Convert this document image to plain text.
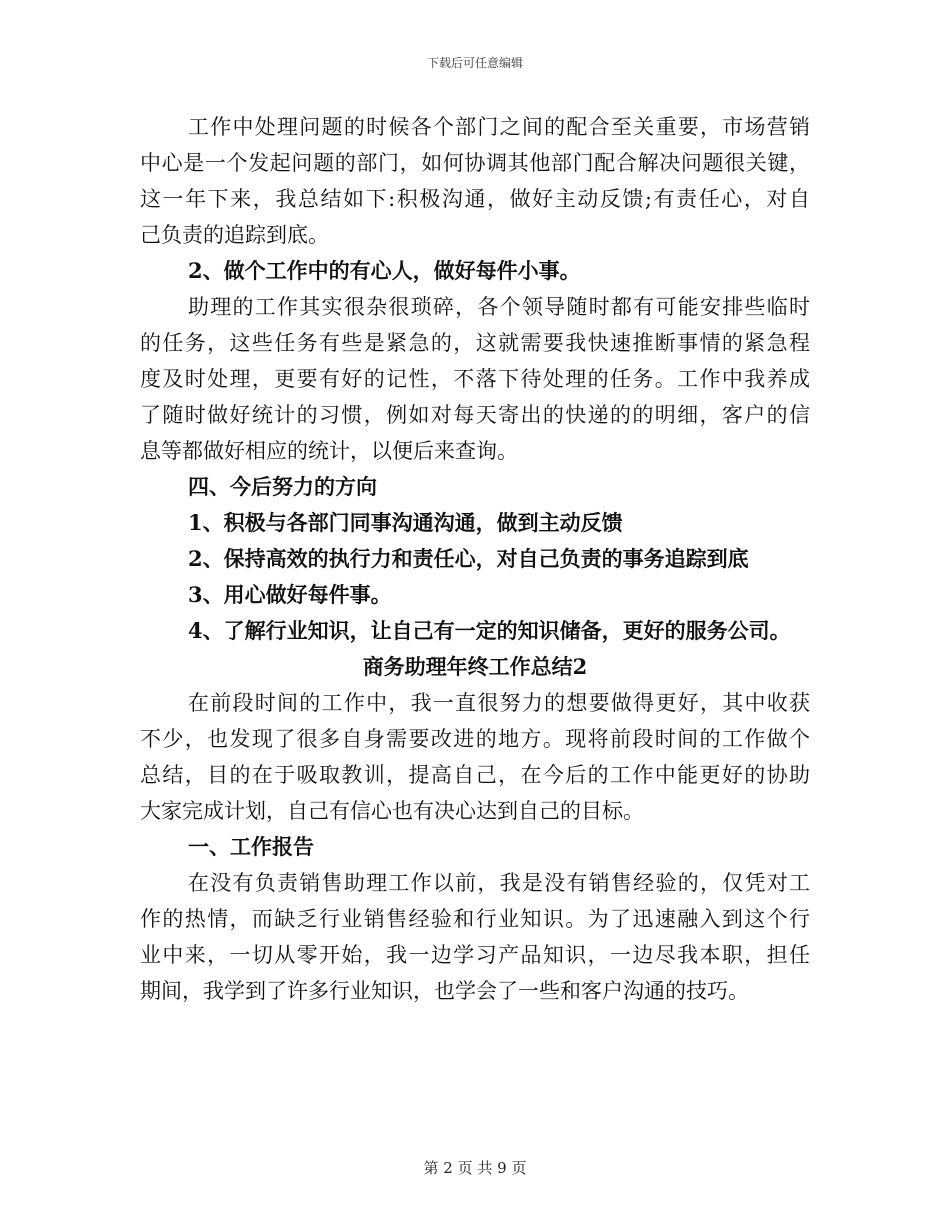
下载后可任意编辑
工作中处理问题的时候各个部门之间的配合至关重要，市场营销
中心是一个发起问题的部门，如何协调其他部门配合解决问题很关键，
这一年下来，我总结如下:积极沟通，做好主动反馈;有责任心，对自
己负责的追踪到底。
2、做个工作中的有心人，做好每件小事。
助理的工作其实很杂很琐碎，各个领导随时都有可能安排些临时
的任务，这些任务有些是紧急的，这就需要我快速推断事情的紧急程
度及时处理，更要有好的记性，不落下待处理的任务。工作中我养成
了随时做好统计的习惯，例如对每天寄出的快递的的明细，客户的信
息等都做好相应的统计，以便后来查询。
四、今后努力的方向
1、积极与各部门同事沟通沟通，做到主动反馈
2、保持高效的执行力和责任心，对自己负责的事务追踪到底
3、用心做好每件事。
4、了解行业知识，让自己有一定的知识储备，更好的服务公司。
商务助理年终工作总结2
在前段时间的工作中，我一直很努力的想要做得更好，其中收获
不少，也发现了很多自身需要改进的地方。现将前段时间的工作做个
总结，目的在于吸取教训，提高自己，在今后的工作中能更好的协助
大家完成计划，自己有信心也有决心达到自己的目标。
一、工作报告
在没有负责销售助理工作以前，我是没有销售经验的，仅凭对工
作的热情，而缺乏行业销售经验和行业知识。为了迅速融入到这个行
业中来，一切从零开始，我一边学习产品知识，一边尽我本职，担任
期间，我学到了许多行业知识，也学会了一些和客户沟通的技巧。
第 2 页 共 9 页
